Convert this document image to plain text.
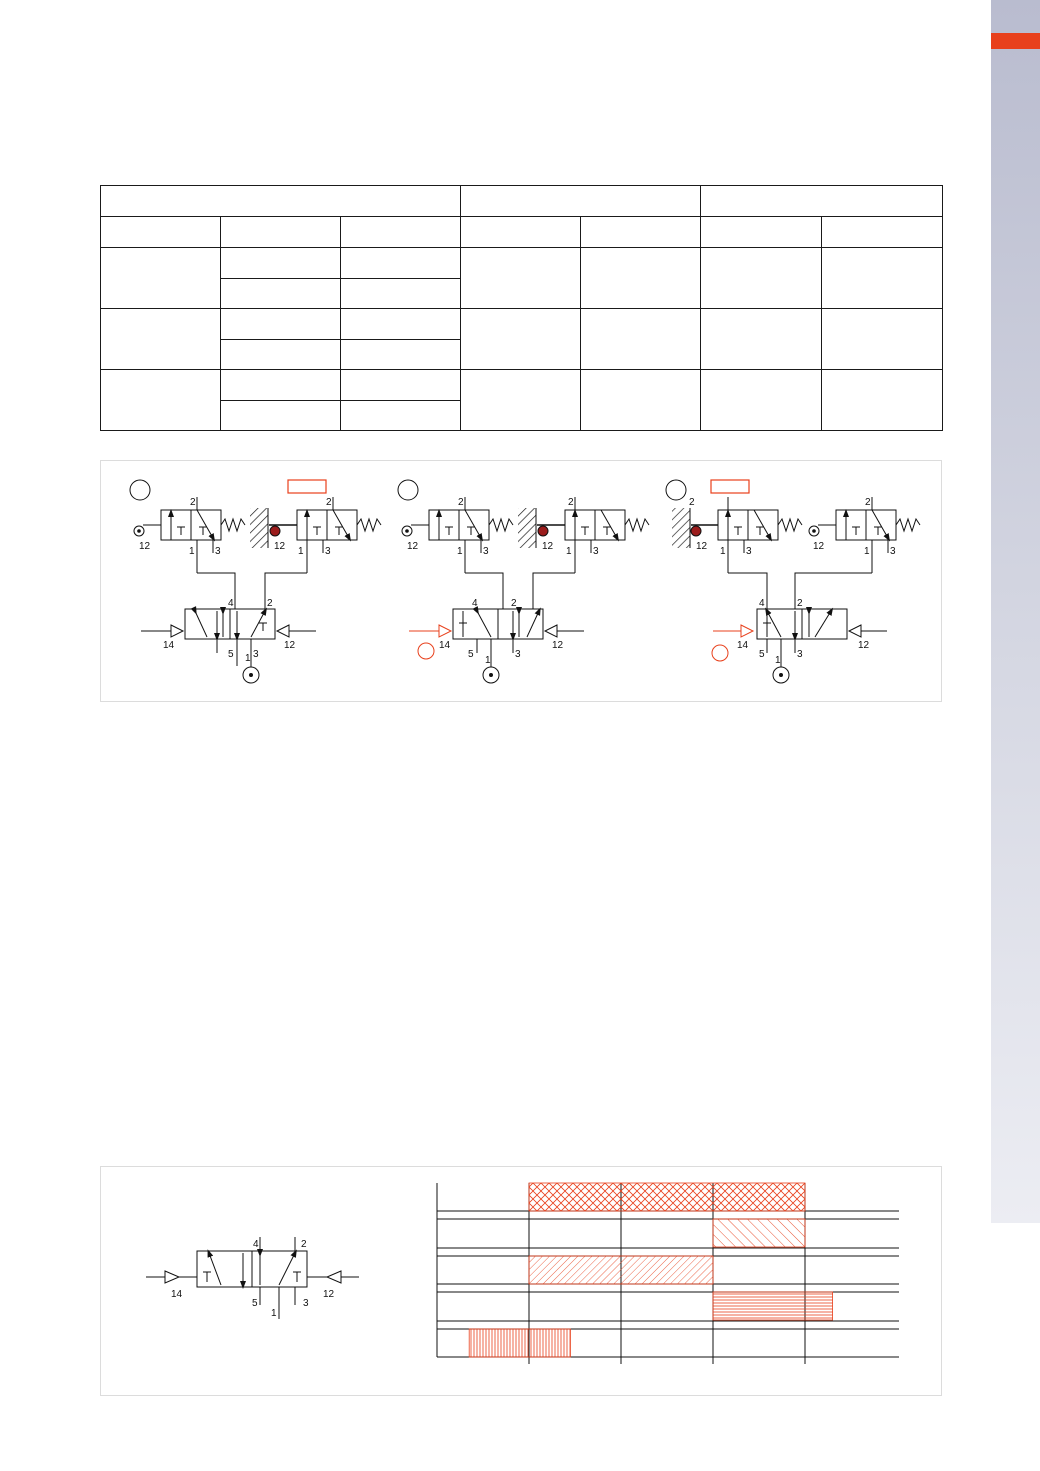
2
12	1 3
2
12 1 3
4	2
14	12
5 3
1
12	1 3
2
12 1 3
2
4	2
14	12
5	3
1
2
12 1 3
2
12	1 3
4	2
14	12
5	3
1
4	2
14	12
5	3
1
